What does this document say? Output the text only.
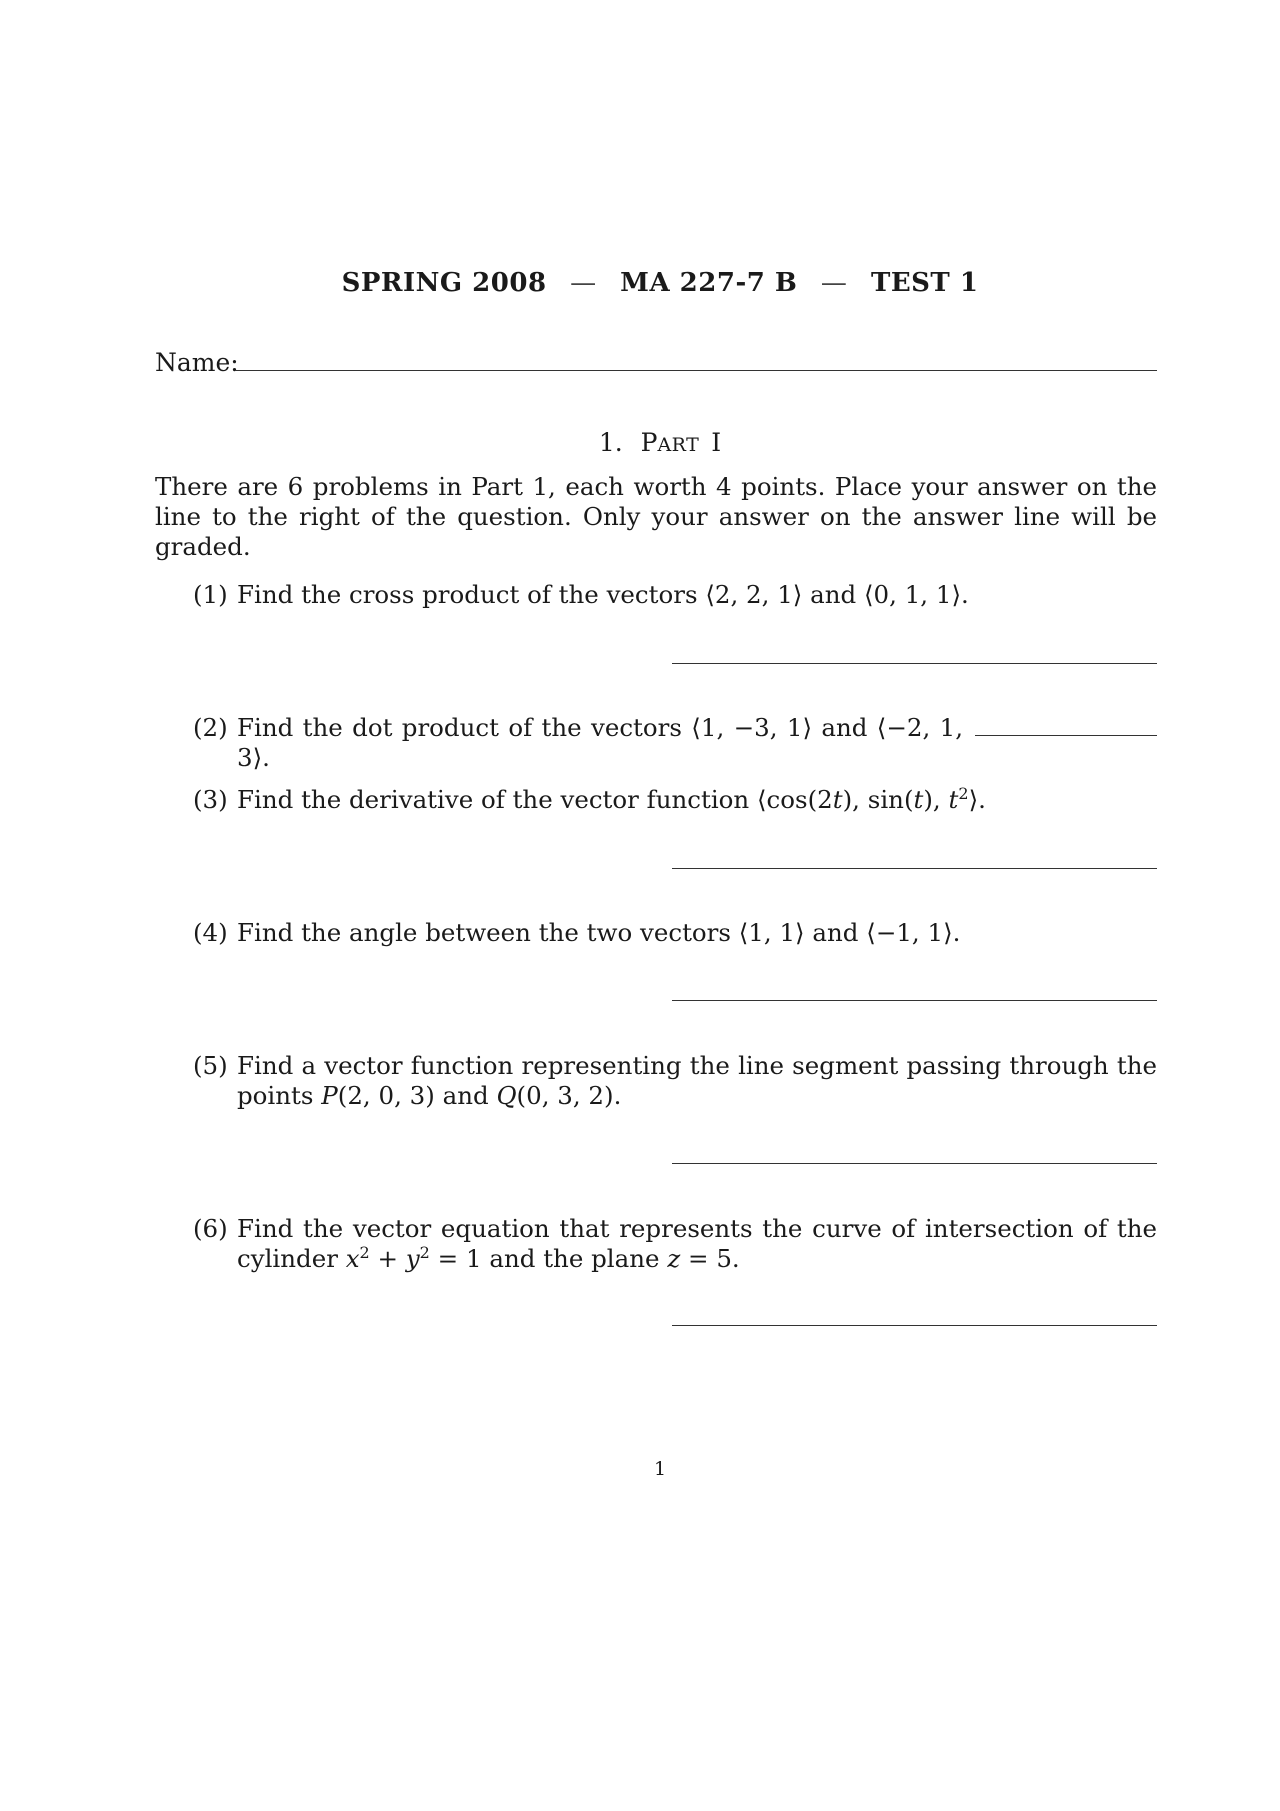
SPRING 2008 — MA 227-7 B — TEST 1
Name:
1. PART I
There are 6 problems in Part 1, each worth 4 points. Place your answer on the line to the right of the question. Only your answer on the answer line will be graded.
(1) Find the cross product of the vectors ⟨2, 2, 1⟩ and ⟨0, 1, 1⟩.
(2) Find the dot product of the vectors ⟨1, −3, 1⟩ and ⟨−2, 1, 3⟩.
(3) Find the derivative of the vector function ⟨cos(2t), sin(t), $t^2⟩$.
(4) Find the angle between the two vectors ⟨1, 1⟩ and ⟨−1, 1⟩.
(5) Find a vector function representing the line segment passing through the points P(2, 0, 3) and Q(0, 3, 2).
(6) Find the vector equation that represents the curve of intersection of the cylinder $x^2 + y^2 = 1$ and the plane z = 5.
1
